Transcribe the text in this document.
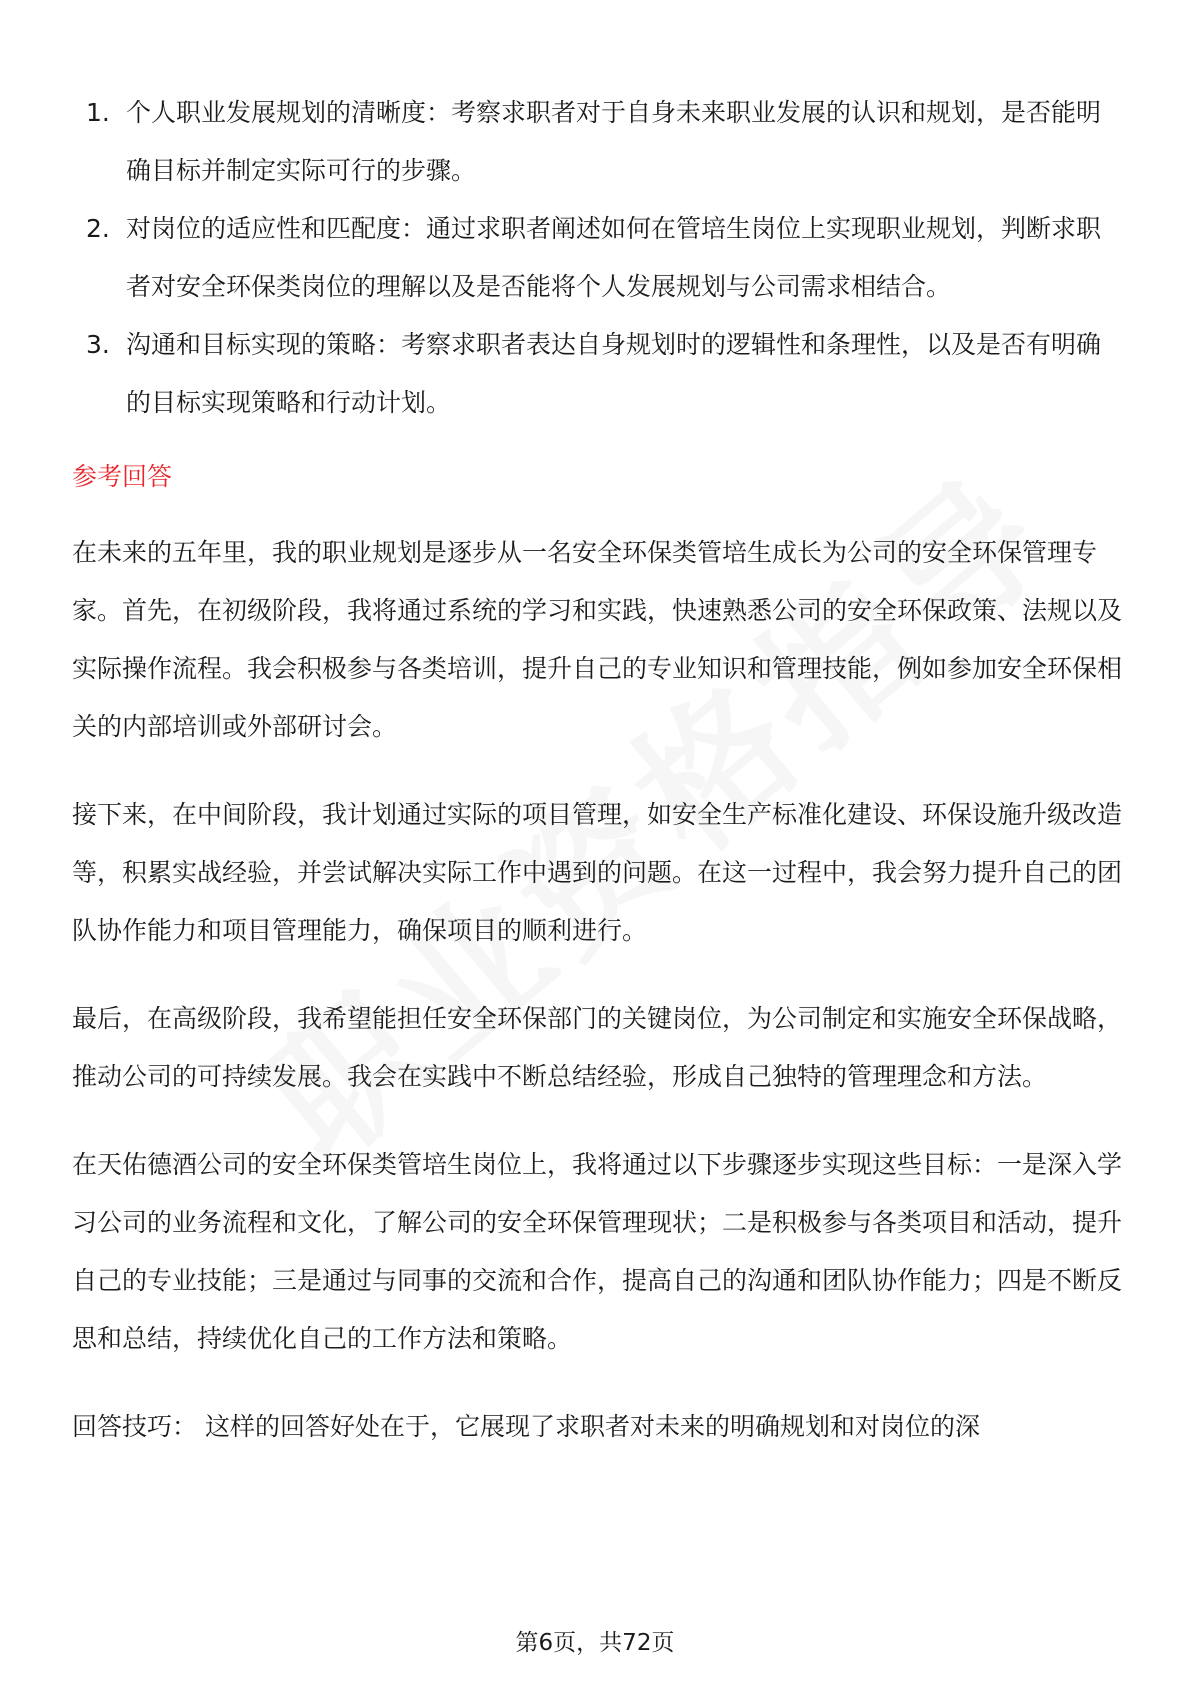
1. 个人职业发展规划的清晰度：考察求职者对于自身未来职业发展的认识和规划，是否能明确目标并制定实际可行的步骤。
2. 对岗位的适应性和匹配度：通过求职者阐述如何在管培生岗位上实现职业规划，判断求职者对安全环保类岗位的理解以及是否能将个人发展规划与公司需求相结合。
3. 沟通和目标实现的策略：考察求职者表达自身规划时的逻辑性和条理性，以及是否有明确的目标实现策略和行动计划。
参考回答

在未来的五年里，我的职业规划是逐步从一名安全环保类管培生成长为公司的安全环保管理专家。首先，在初级阶段，我将通过系统的学习和实践，快速熟悉公司的安全环保政策、法规以及实际操作流程。我会积极参与各类培训，提升自己的专业知识和管理技能，例如参加安全环保相关的内部培训或外部研讨会。

接下来，在中间阶段，我计划通过实际的项目管理，如安全生产标准化建设、环保设施升级改造等，积累实战经验，并尝试解决实际工作中遇到的问题。在这一过程中，我会努力提升自己的团队协作能力和项目管理能力，确保项目的顺利进行。

最后，在高级阶段，我希望能担任安全环保部门的关键岗位，为公司制定和实施安全环保战略，推动公司的可持续发展。我会在实践中不断总结经验，形成自己独特的管理理念和方法。

在天佑德酒公司的安全环保类管培生岗位上，我将通过以下步骤逐步实现这些目标：一是深入学习公司的业务流程和文化，了解公司的安全环保管理现状；二是积极参与各类项目和活动，提升自己的专业技能；三是通过与同事的交流和合作，提高自己的沟通和团队协作能力；四是不断反思和总结，持续优化自己的工作方法和策略。

回答技巧： 这样的回答好处在于，它展现了求职者对未来的明确规划和对岗位的深

第6页，共72页
